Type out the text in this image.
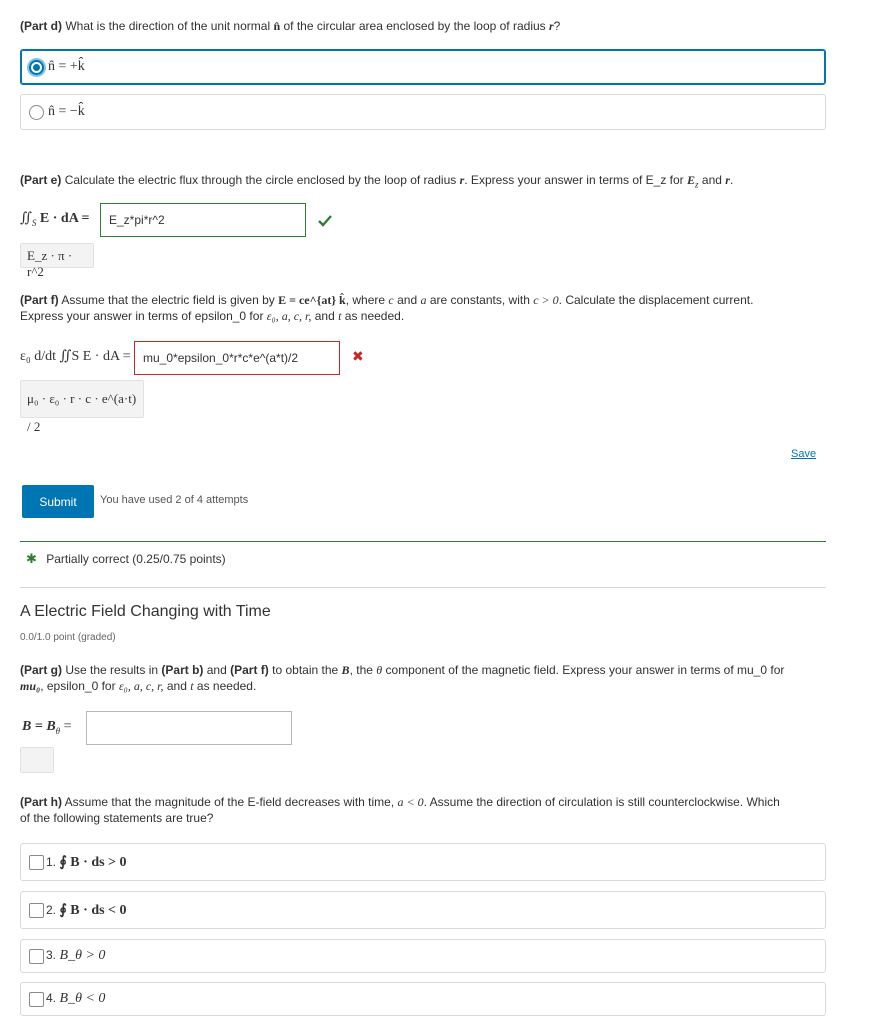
(Part d) What is the direction of the unit normal n̂ of the circular area enclosed by the loop of radius r?
n̂ = +k̂
n̂ = −k̂
(Part e) Calculate the electric flux through the circle enclosed by the loop of radius r. Express your answer in terms of E_z for $E_z$ and r.
$∬_S$ E · dA =	E_z*pi*r^2
E_z · π · r^2
(Part f) Assume that the electric field is given by E = ce^{at} k̂, where c and a are constants, with c > 0. Calculate the displacement current.
Express your answer in terms of epsilon_0 for ε₀, a, c, r, and t as needed.
ε₀ d/dt ∬S E · dA =	mu_0*epsilon_0*r*c*e^(a*t)/2	✖
μ₀ · ε₀ · r · c · e^(a·t) / 2
Save
Submit	You have used 2 of 4 attempts
✱ Partially correct (0.25/0.75 points)
A Electric Field Changing with Time
0.0/1.0 point (graded)
(Part g) Use the results in (Part b) and (Part f) to obtain the B, the θ component of the magnetic field. Express your answer in terms of mu_0 for
mu₀, epsilon_0 for ε₀, a, c, r, and t as needed.
$B = B_\theta$ =
(Part h) Assume that the magnitude of the E-field decreases with time, a < 0. Assume the direction of circulation is still counterclockwise. Which
of the following statements are true?
1. ∮ B · ds > 0
2. ∮ B · ds < 0
3. B_θ > 0
4. B_θ < 0
